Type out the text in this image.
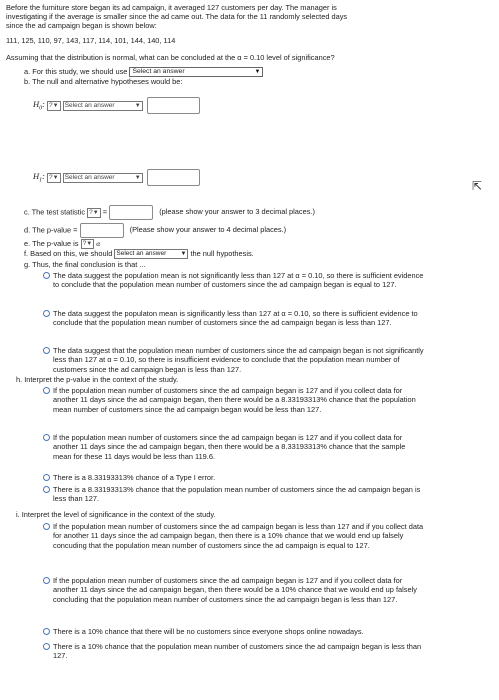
Before the furniture store began its ad campaign, it averaged 127 customers per day. The manager is
investigating if the average is smaller since the ad came out. The data for the 11 randomly selected days
since the ad campaign began is shown below:
111, 125, 110, 97, 143, 117, 114, 101, 144, 140, 114
Assuming that the distribution is normal, what can be concluded at the α = 0.10 level of significance?
a. For this study, we should use Select an answer	▼
b. The null and alternative hypotheses would be:
$H_0$: ?▼ Select an answer	▼

$H_1$: ?▼ Select an answer	▼

⇱
c. The test statistic ?▼ =	(please show your answer to 3 decimal places.)
d. The p-value =	(Please show your answer to 4 decimal places.)
e. The p-value is ?▼ α
f. Based on this, we should Select an answer ▼ the null hypothesis.
g. Thus, the final conclusion is that ...
The data suggest the population mean is not significantly less than 127 at α = 0.10, so there is sufficient evidence to conclude that the population mean number of customers since the ad campaign began is equal to 127.
The data suggest the populaton mean is significantly less than 127 at α = 0.10, so there is sufficient evidence to conclude that the population mean number of customers since the ad campaign began is less than 127.
The data suggest that the population mean number of customers since the ad campaign began is not significantly less than 127 at α = 0.10, so there is insufficient evidence to conclude that the population mean number of customers since the ad campaign began is less than 127.
h. Interpret the p-value in the context of the study.
If the population mean number of customers since the ad campaign began is 127 and if you collect data for another 11 days since the ad campaign began, then there would be a 8.33193313% chance that the population mean number of customers since the ad campaign began would be less than 127.
If the population mean number of customers since the ad campaign began is 127 and if you collect data for another 11 days since the ad campaign began, then there would be a 8.33193313% chance that the sample mean for these 11 days would be less than 119.6.
There is a 8.33193313% chance of a Type I error.
There is a 8.33193313% chance that the population mean number of customers since the ad campaign began is less than 127.
i. Interpret the level of significance in the context of the study.
If the population mean number of customers since the ad campaign began is less than 127 and if you collect data for another 11 days since the ad campaign began, then there is a 10% chance that we would end up falsely concuding that the population mean number of customers since the ad campaign is equal to 127.
If the population mean number of customers since the ad campaign began is 127 and if you collect data for another 11 days since the ad campaign began, then there would be a 10% chance that we would end up falsely concluding that the population mean number of customers since the ad campaign began is less than 127.
There is a 10% chance that there will be no customers since everyone shops online nowadays.
There is a 10% chance that the population mean number of customers since the ad campaign began is less than 127.
